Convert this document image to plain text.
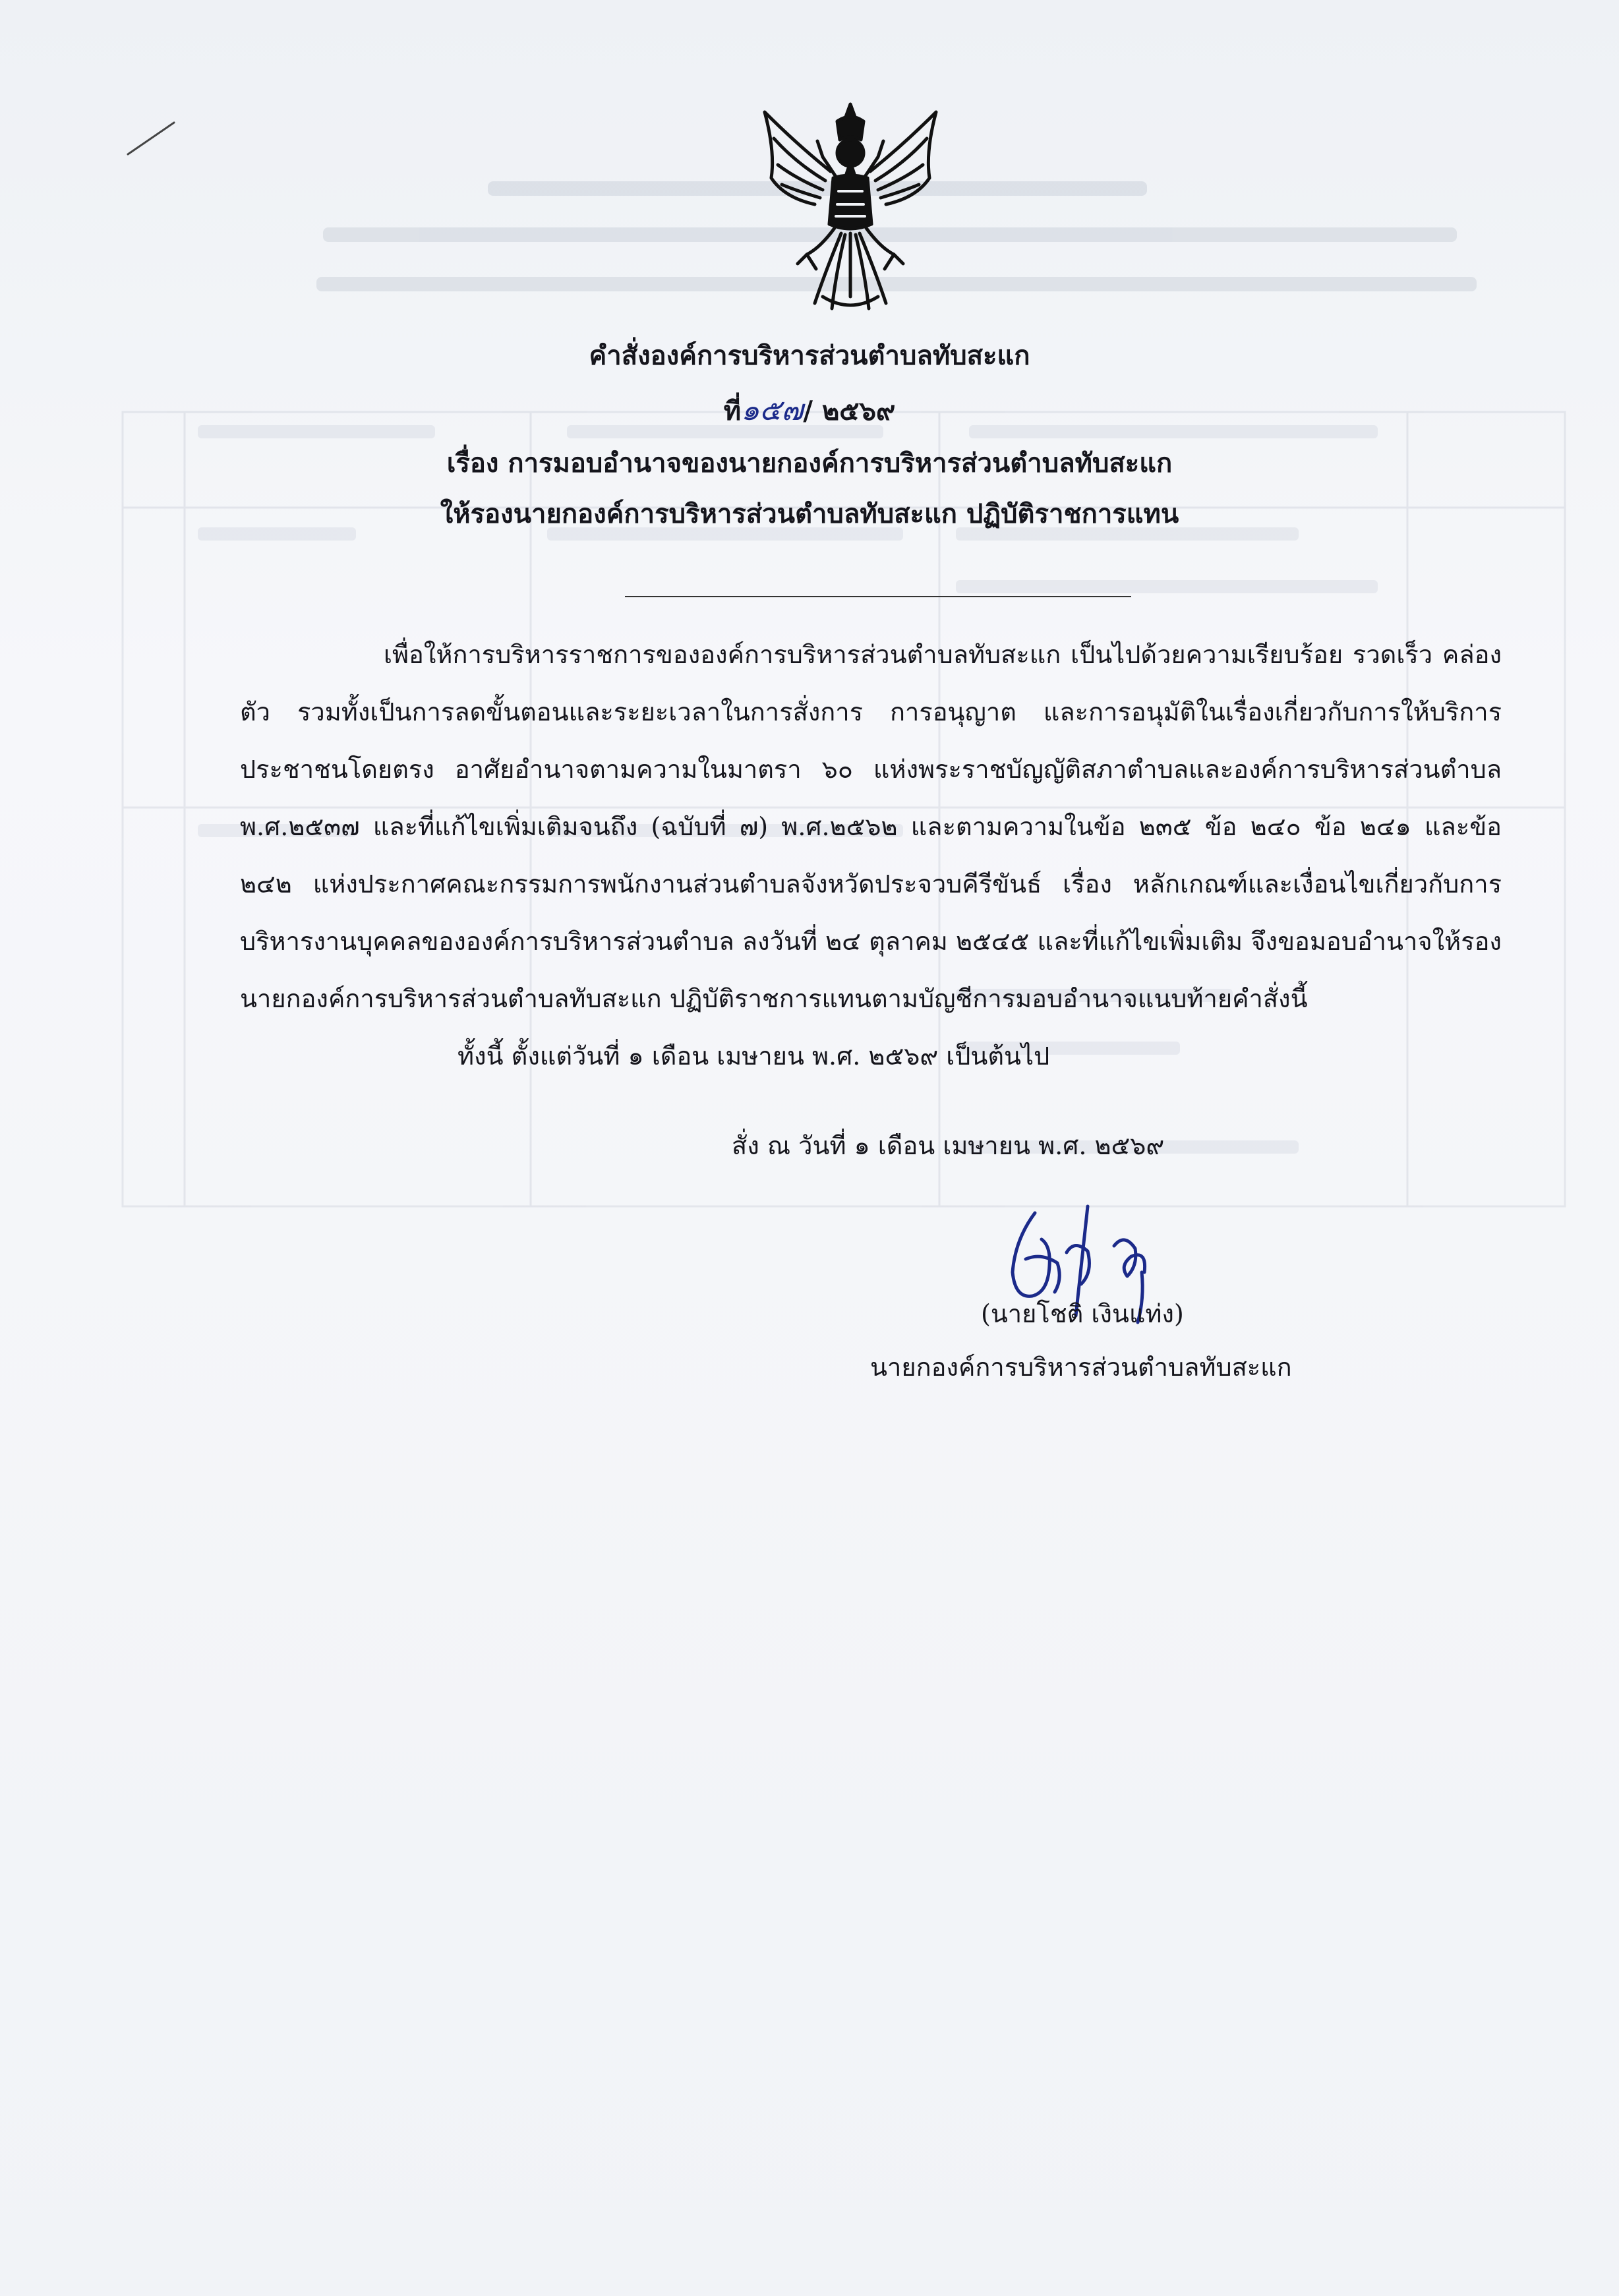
คำสั่งองค์การบริหารส่วนตำบลทับสะแก
ที่๑๕๗/ ๒๕๖๙
เรื่อง การมอบอำนาจของนายกองค์การบริหารส่วนตำบลทับสะแก
ให้รองนายกองค์การบริหารส่วนตำบลทับสะแก ปฏิบัติราชการแทน

เพื่อให้การบริหารราชการขององค์การบริหารส่วนตำบลทับสะแก เป็นไปด้วยความเรียบร้อย รวดเร็ว คล่องตัว รวมทั้งเป็นการลดขั้นตอนและระยะเวลาในการสั่งการ การอนุญาต และการอนุมัติในเรื่องเกี่ยวกับการให้บริการประชาชนโดยตรง อาศัยอำนาจตามความในมาตรา ๖๐ แห่งพระราชบัญญัติสภาตำบลและองค์การบริหารส่วนตำบล พ.ศ.๒๕๓๗ และที่แก้ไขเพิ่มเติมจนถึง (ฉบับที่ ๗) พ.ศ.๒๕๖๒ และตามความในข้อ ๒๓๕ ข้อ ๒๔๐ ข้อ ๒๔๑ และข้อ ๒๔๒ แห่งประกาศคณะกรรมการพนักงานส่วนตำบลจังหวัดประจวบคีรีขันธ์ เรื่อง หลักเกณฑ์และเงื่อนไขเกี่ยวกับการบริหารงานบุคคลขององค์การบริหารส่วนตำบล ลงวันที่ ๒๔ ตุลาคม ๒๕๔๕ และที่แก้ไขเพิ่มเติม จึงขอมอบอำนาจให้รองนายกองค์การบริหารส่วนตำบลทับสะแก ปฏิบัติราชการแทนตามบัญชีการมอบอำนาจแนบท้ายคำสั่งนี้

ทั้งนี้ ตั้งแต่วันที่ ๑ เดือน เมษายน พ.ศ. ๒๕๖๙ เป็นต้นไป

สั่ง ณ วันที่ ๑ เดือน เมษายน พ.ศ. ๒๕๖๙
(นายโชติ เงินแท่ง)
นายกองค์การบริหารส่วนตำบลทับสะแก
